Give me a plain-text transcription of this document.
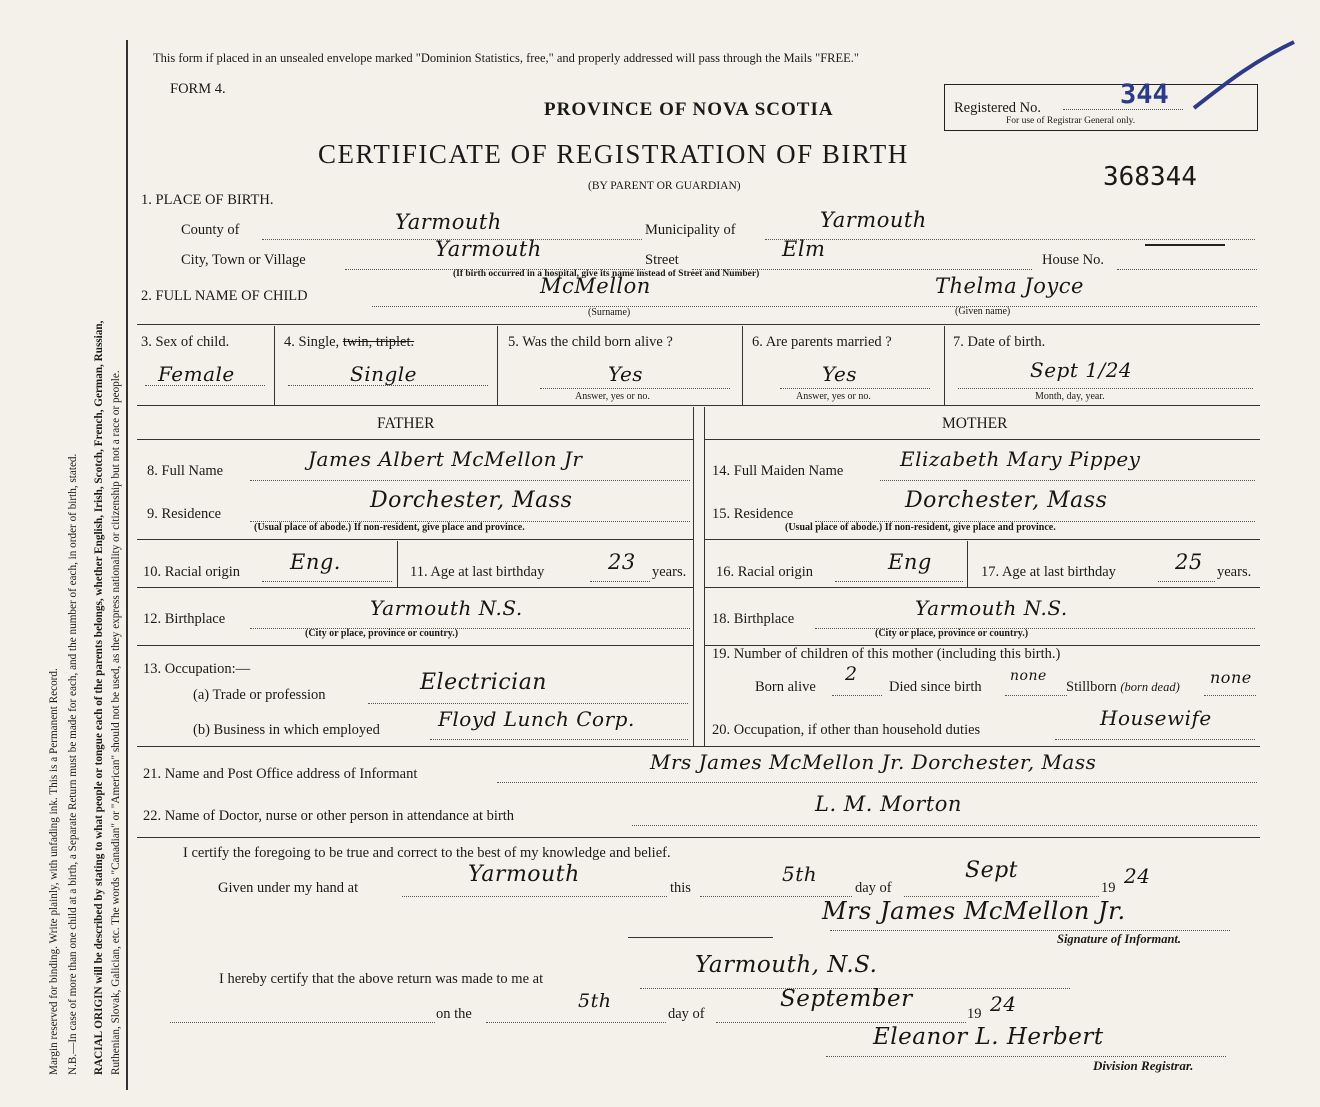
Margin reserved for binding. Write plainly, with unfading ink. This is a Permanent Record. N.B.—In case of more than one child at a birth, a Separate Return must be made for each, and the number of each, in order of birth, stated. RACIAL ORIGIN will be described by stating to what people or tongue each of the parents belongs, whether English, Irish, Scotch, French, German, Russian, Ruthenian, Slovak, Galician, etc. The words "Canadian" or "American" should not be used, as they express nationality or citizenship but not a race or people.
This form if placed in an unsealed envelope marked "Dominion Statistics, free," and properly addressed will pass through the Mails "FREE."
FORM 4.
PROVINCE OF NOVA SCOTIA
CERTIFICATE OF REGISTRATION OF BIRTH
(BY PARENT OR GUARDIAN)
Registered No.	344
For use of Registrar General only.
368344
1. PLACE OF BIRTH.
County of	Yarmouth	Municipality of	Yarmouth
City, Town or Village	Yarmouth	Street	Elm	House No.
(If birth occurred in a hospital, give its name instead of Street and Number)
2. FULL NAME OF CHILD	McMellon
(Surname)
Thelma Joyce
(Given name)
3. Sex of child.
Female
4. Single, twin, triplet.
Single
5. Was the child born alive ?
Yes
Answer, yes or no.
6. Are parents married ?
Yes
Answer, yes or no.
7. Date of birth.
Sept 1/24
Month, day, year.
FATHER	MOTHER
8. Full Name	James Albert McMellon Jr
9. Residence
Dorchester, Mass
(Usual place of abode.) If non-resident, give place and province.
10. Racial origin Eng.	11. Age at last birthday	23 years.
12. Birthplace	Yarmouth N.S.
(City or place, province or country.)
13. Occupation:—
(a) Trade or profession	Electrician
(b) Business in which employed	Floyd Lunch Corp.
14. Full Maiden Name	Elizabeth Mary Pippey
15. Residence
Dorchester, Mass
(Usual place of abode.) If non-resident, give place and province.
16. Racial origin	Eng	17. Age at last birthday	25 years.
18. Birthplace	Yarmouth N.S.
(City or place, province or country.)
19. Number of children of this mother (including this birth.)
Born alive
2
Died since birth
none
Stillborn (born dead) none
20. Occupation, if other than household duties	Housewife
21. Name and Post Office address of Informant	Mrs James McMellon Jr. Dorchester, Mass
22. Name of Doctor, nurse or other person in attendance at birth	L. M. Morton
I certify the foregoing to be true and correct to the best of my knowledge and belief.
Given under my hand at
Yarmouth
this
5th
day of
Sept
19 24
Mrs James McMellon Jr.
Signature of Informant.
I hereby certify that the above return was made to me at
Yarmouth, N.S.
on the
5th
day of
September
19 24
Eleanor L. Herbert
Division Registrar.
